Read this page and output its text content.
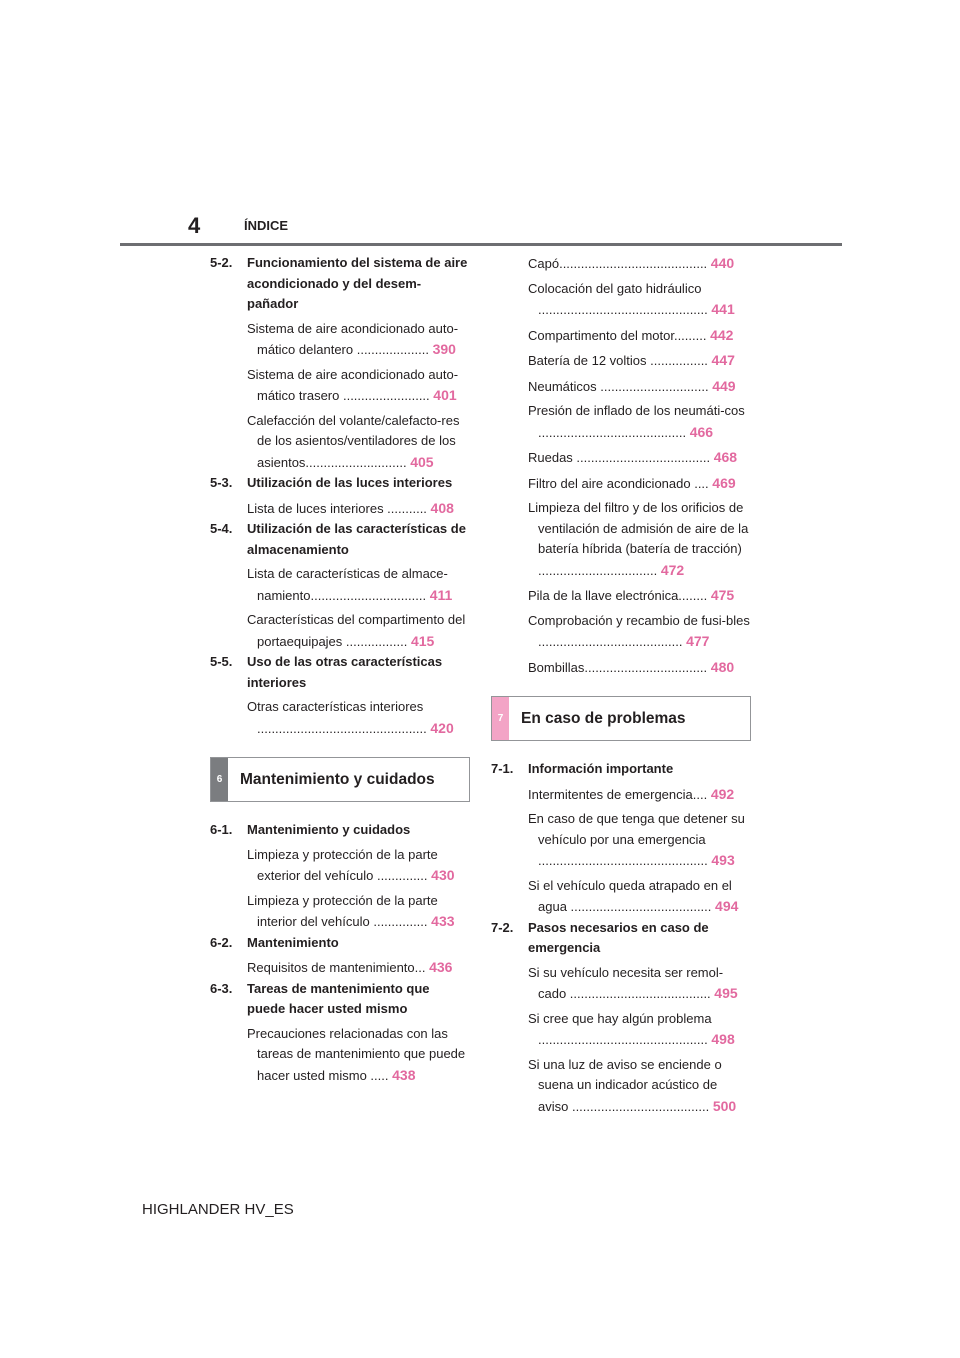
4	ÍNDICE
5-2.	Funcionamiento del sistema de aire acondicionado y del desem-pañador
Sistema de aire acondicionado auto-mático delantero .................... 390
Sistema de aire acondicionado auto-mático trasero ........................ 401
Calefacción del volante/calefacto-res de los asientos/ventiladores de los asientos............................ 405
5-3.	Utilización de las luces interiores
Lista de luces interiores ........... 408
5-4.	Utilización de las características de almacenamiento
Lista de características de almace-namiento................................ 411
Características del compartimento del portaequipajes ................. 415
5-5.	Uso de las otras características interiores
Otras características interiores ............................................... 420
6	Mantenimiento y cuidados
6-1.	Mantenimiento y cuidados
Limpieza y protección de la parte exterior del vehículo .............. 430
Limpieza y protección de la parte interior del vehículo ............... 433
6-2.	Mantenimiento
Requisitos de mantenimiento... 436
6-3.	Tareas de mantenimiento que puede hacer usted mismo
Precauciones relacionadas con las tareas de mantenimiento que puede hacer usted mismo ..... 438
Capó......................................... 440
Colocación del gato hidráulico ............................................... 441
Compartimento del motor......... 442
Batería de 12 voltios ................ 447
Neumáticos .............................. 449
Presión de inflado de los neumáti-cos ......................................... 466
Ruedas ..................................... 468
Filtro del aire acondicionado .... 469
Limpieza del filtro y de los orificios de ventilación de admisión de aire de la batería híbrida (batería de tracción) ................................. 472
Pila de la llave electrónica........ 475
Comprobación y recambio de fusi-bles ........................................ 477
Bombillas.................................. 480
7	En caso de problemas
7-1.	Información importante
Intermitentes de emergencia.... 492
En caso de que tenga que detener su vehículo por una emergencia ............................................... 493
Si el vehículo queda atrapado en el agua ....................................... 494
7-2.	Pasos necesarios en caso de emergencia
Si su vehículo necesita ser remol-cado ....................................... 495
Si cree que hay algún problema ............................................... 498
Si una luz de aviso se enciende o suena un indicador acústico de aviso ...................................... 500
HIGHLANDER HV_ES
